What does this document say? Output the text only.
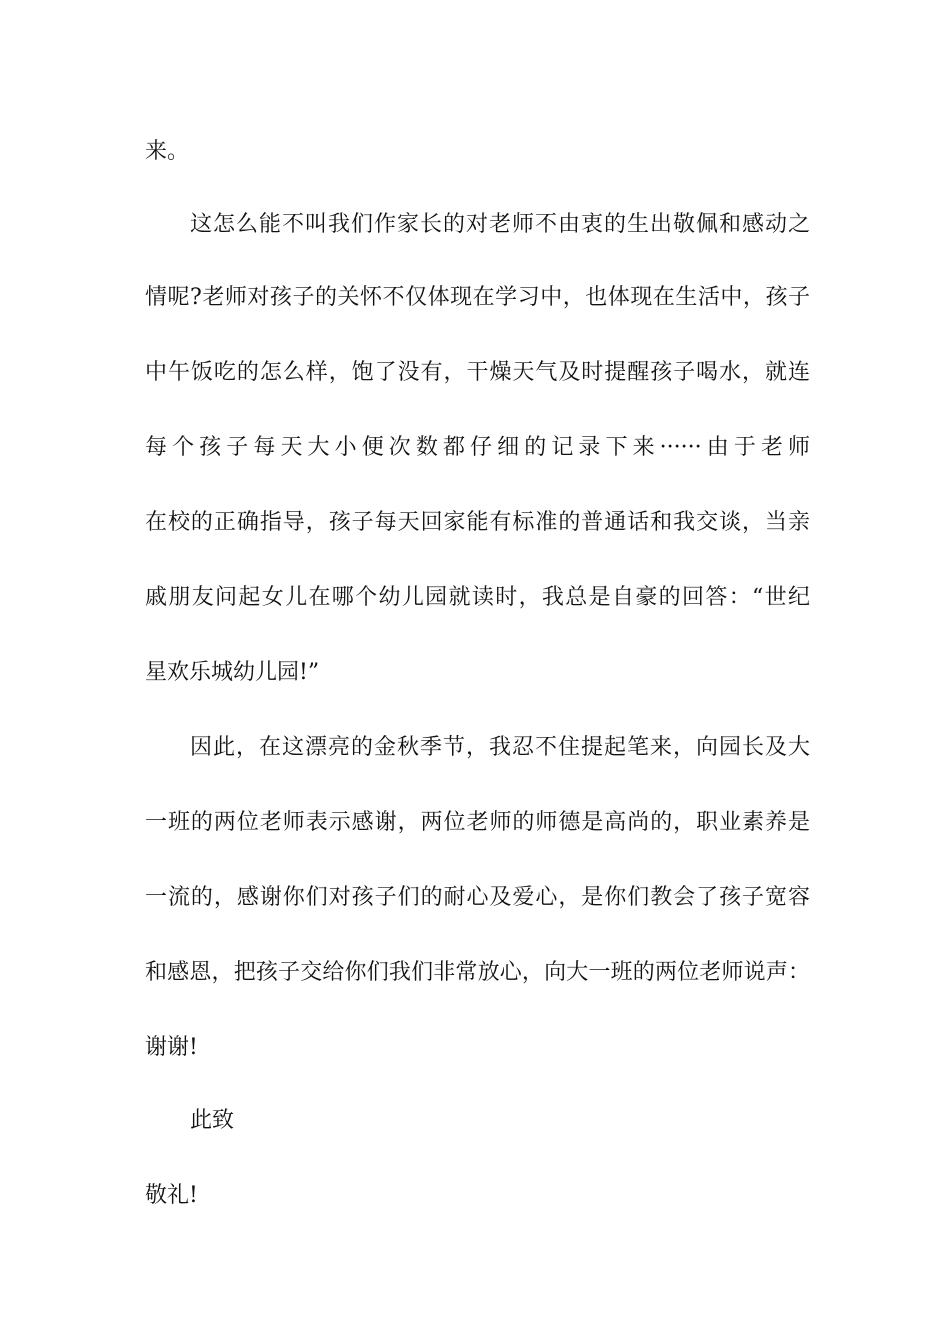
来。
这怎么能不叫我们作家长的对老师不由衷的生出敬佩和感动之
情呢?老师对孩子的关怀不仅体现在学习中，也体现在生活中，孩子
中午饭吃的怎么样，饱了没有，干燥天气及时提醒孩子喝水，就连
每个孩子每天大小便次数都仔细的记录下来······由于老师
在校的正确指导，孩子每天回家能有标准的普通话和我交谈，当亲
戚朋友问起女儿在哪个幼儿园就读时，我总是自豪的回答：“世纪
星欢乐城幼儿园!”
因此，在这漂亮的金秋季节，我忍不住提起笔来，向园长及大
一班的两位老师表示感谢，两位老师的师德是高尚的，职业素养是
一流的，感谢你们对孩子们的耐心及爱心，是你们教会了孩子宽容
和感恩，把孩子交给你们我们非常放心，向大一班的两位老师说声：
谢谢!
此致
敬礼!
